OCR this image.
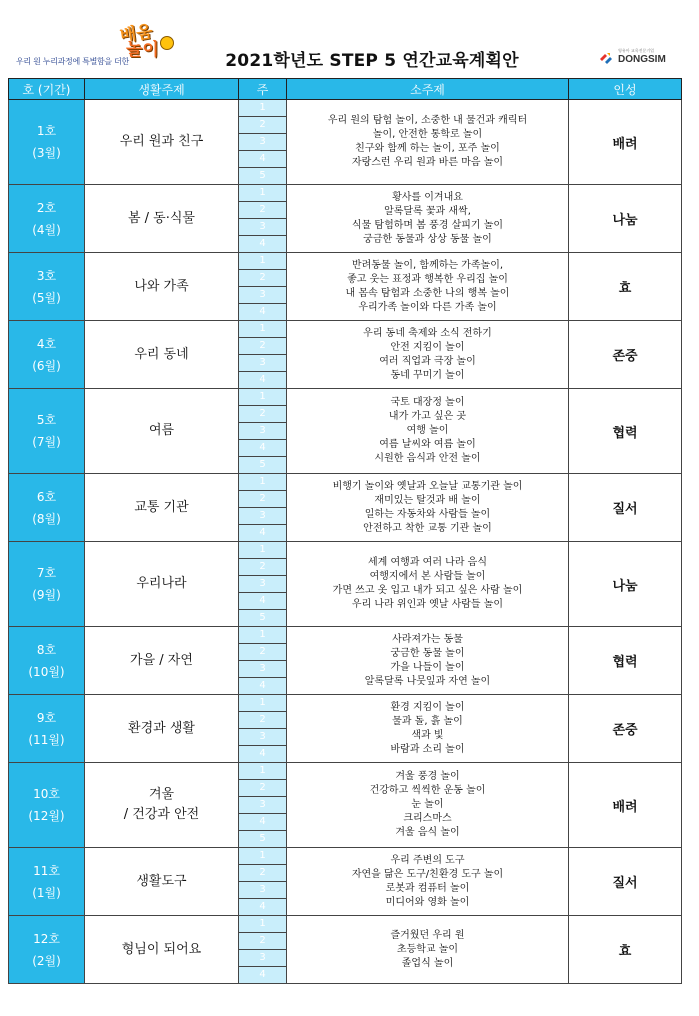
우리 원 누리과정에 특별함을 더한
배움
놀이
2021학년도 STEP 5 연간교육계획안
영유아 교육전문기업
DONGSIM
호 (기간)	생활주제	주	소주제	인성

1호
(3월)	우리 원과 친구	1	우리 원의 탐험 놀이, 소중한 내 물건과 캐릭터
놀이, 안전한 통학로 놀이
친구와 함께 하는 놀이, 포주 놀이
자랑스런 우리 원과 바른 마음 놀이	배려
		2		
		3		
		4		
		5		

2호
(4월)	봄 / 동·식물	1	황사를 이겨내요
알록달록 꽃과 새싹,
식물 탐험하며 봄 풍경 살피기 놀이
궁금한 동물과 상상 동물 놀이	나눔
		2		
		3		
		4		

3호
(5월)	나와 가족	1	반려동물 놀이, 함께하는 가족놀이,
좋고 웃는 표정과 행복한 우리집 놀이
내 몸속 탐험과 소중한 나의 행복 놀이
우리가족 놀이와 다른 가족 놀이	효
		2		
		3		
		4		

4호
(6월)	우리 동네	1	우리 동네 축제와 소식 전하기
안전 지킴이 놀이
여러 직업과 극장 놀이
동네 꾸미기 놀이	존중
		2		
		3		
		4		

5호
(7월)	여름	1	국토 대장정 놀이
내가 가고 싶은 곳
여행 놀이
여름 날씨와 여름 놀이
시원한 음식과 안전 놀이	협력
		2		
		3		
		4		
		5		

6호
(8월)	교통 기관	1	비행기 놀이와 옛날과 오늘날 교통기관 놀이
재미있는 탈것과 배 놀이
일하는 자동차와 사람들 놀이
안전하고 착한 교통 기관 놀이	질서
		2		
		3		
		4		

7호
(9월)	우리나라	1	세계 여행과 여러 나라 음식
여행지에서 본 사람들 놀이
가면 쓰고 옷 입고 내가 되고 싶은 사람 놀이
우리 나라 위인과 옛날 사람들 놀이	나눔
		2		
		3		
		4		
		5		

8호
(10월)	가을 / 자연	1	사라져가는 동물
궁금한 동물 놀이
가을 나들이 놀이
알록달록 나뭇잎과 자연 놀이	협력
		2		
		3		
		4		

9호
(11월)	환경과 생활	1	환경 지킴이 놀이
물과 돌, 흙 놀이
색과 빛
바람과 소리 놀이	존중
		2		
		3		
		4		

10호
(12월)	겨울
/ 건강과 안전	1	겨울 풍경 놀이
건강하고 씩씩한 운동 놀이
눈 놀이
크리스마스
겨울 음식 놀이	배려
		2		
		3		
		4		
		5		

11호
(1월)	생활도구	1	우리 주변의 도구
자연을 닮은 도구/친환경 도구 놀이
로봇과 컴퓨터 놀이
미디어와 영화 놀이	질서
		2		
		3		
		4		

12호
(2월)	형님이 되어요	1	즐거웠던 우리 원
초등학교 놀이
졸업식 놀이	효
		2		
		3		
		4		
